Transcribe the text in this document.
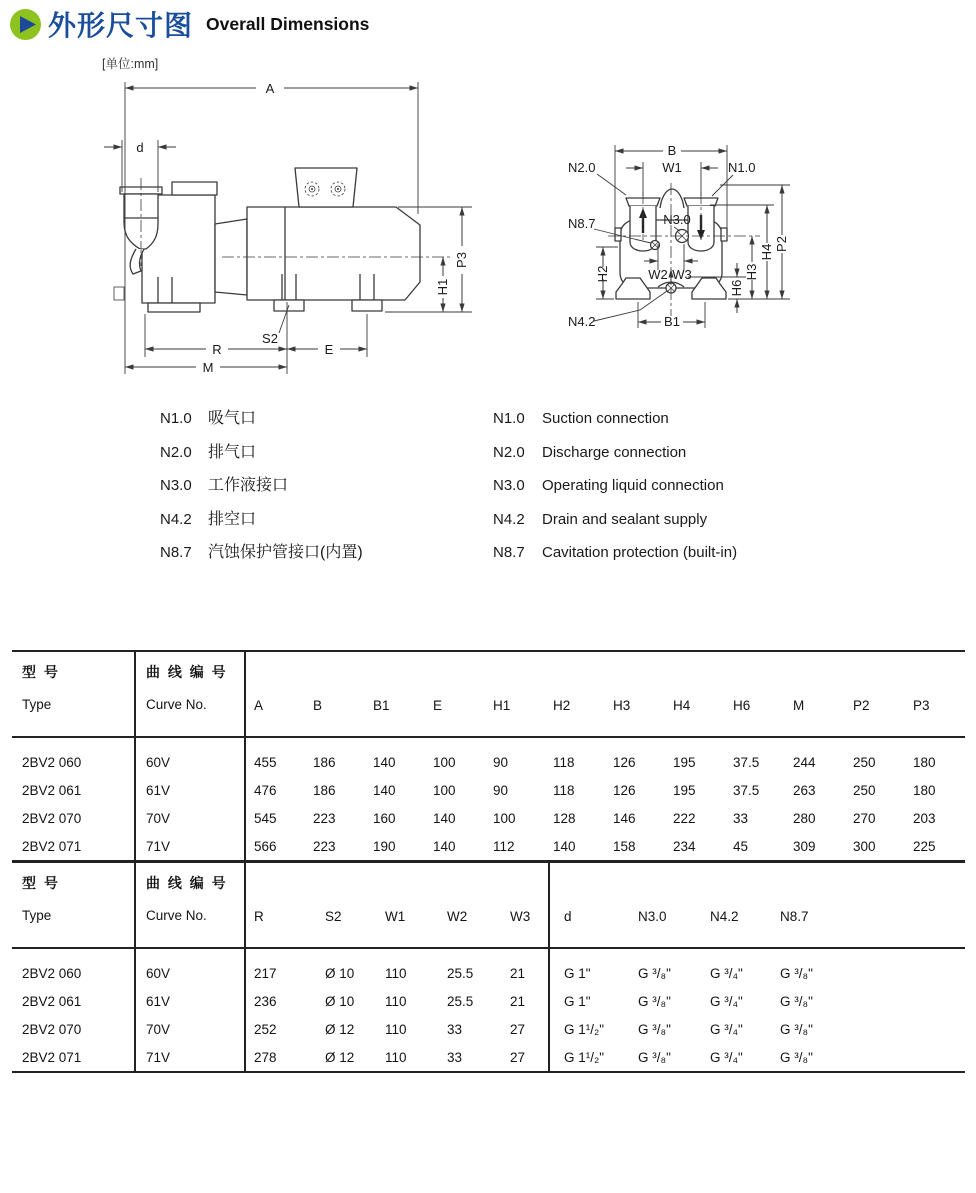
外形尺寸图 Overall Dimensions
[单位:mm]
A
d
S2
R	E
M
H1
P3
B
W1
N2.0	N1.0
N8.7	N3.0
N4.2
H2	W2 W3	H3
H4 P2
H6
B1
N1.0 吸气口
N2.0 排气口
N3.0 工作液接口
N4.2 排空口
N8.7 汽蚀保护管接口(内置)
N1.0 Suction connection
N2.0 Discharge connection
N3.0 Operating liquid connection
N4.2 Drain and sealant supply
N8.7 Cavitation protection (built-in)
型 号
Type

曲 线 编 号
Curve No.	A	B	B1	E	H1	H2	H3	H4	H6	M	P2	P3

2BV2 060	60V	455	186	140	100	90	118	126	195	37.5	244	250	180
2BV2 061	61V	476	186	140	100	90	118	126	195	37.5	263	250	180
2BV2 070	70V	545	223	160	140	100	128	146	222	33	280	270	203
2BV2 071	71V	566	223	190	140	112	140	158	234	45	309	300	225
型 号
Type

曲 线 编 号
Curve No.	R	S2	W1	W2	W3	d	N3.0	N4.2	N8.7

2BV2 060	60V	217	Ø 10	110	25.5	21	G 1"	G ³/₈"	G ³/₄"	G ³/₈"
2BV2 061	61V	236	Ø 10	110	25.5	21	G 1"	G ³/₈"	G ³/₄"	G ³/₈"
2BV2 070	70V	252	Ø 12	110	33	27	G 1¹/₂"	G ³/₈"	G ³/₄"	G ³/₈"
2BV2 071	71V	278	Ø 12	110	33	27	G 1¹/₂"	G ³/₈"	G ³/₄"	G ³/₈"
